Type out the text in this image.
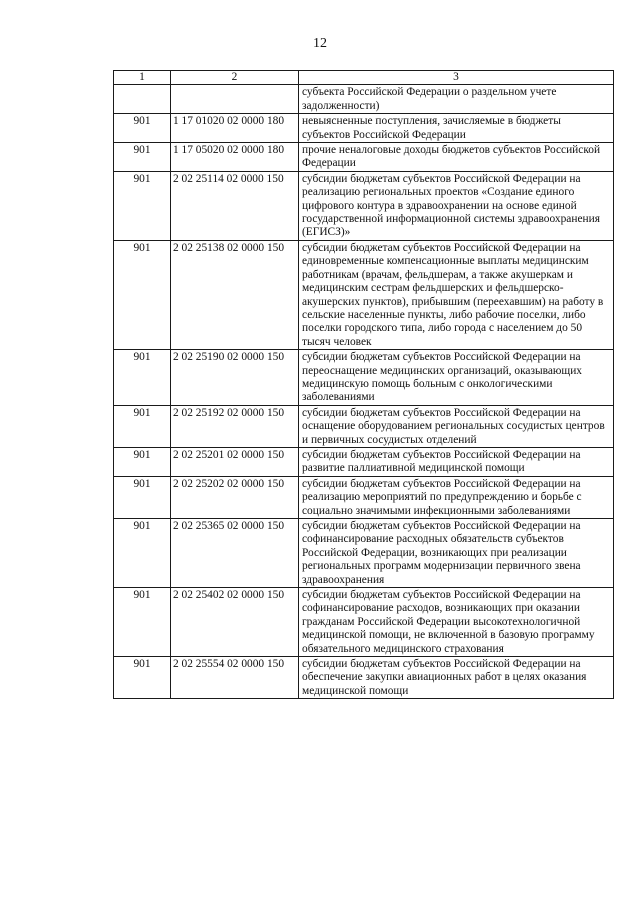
12
1	2	3
		субъекта Российской Федерации о раздельном учете задолженности)
901	1 17 01020 02 0000 180	невыясненные поступления, зачисляемые в бюджеты субъектов Российской Федерации
901	1 17 05020 02 0000 180	прочие неналоговые доходы бюджетов субъектов Российской Федерации
901	2 02 25114 02 0000 150	субсидии бюджетам субъектов Российской Федерации на реализацию региональных проектов «Создание единого цифрового контура в здравоохранении на основе единой государственной информационной системы здравоохранения (ЕГИСЗ)»
901	2 02 25138 02 0000 150	субсидии бюджетам субъектов Российской Федерации на единовременные компенсационные выплаты медицинским работникам (врачам, фельдшерам, а также акушеркам и медицинским сестрам фельдшерских и фельдшерско-акушерских пунктов), прибывшим (переехавшим) на работу в сельские населенные пункты, либо рабочие поселки, либо поселки городского типа, либо города с населением до 50 тысяч человек
901	2 02 25190 02 0000 150	субсидии бюджетам субъектов Российской Федерации на переоснащение медицинских организаций, оказывающих медицинскую помощь больным с онкологическими заболеваниями
901	2 02 25192 02 0000 150	субсидии бюджетам субъектов Российской Федерации на оснащение оборудованием региональных сосудистых центров и первичных сосудистых отделений
901	2 02 25201 02 0000 150	субсидии бюджетам субъектов Российской Федерации на развитие паллиативной медицинской помощи
901	2 02 25202 02 0000 150	субсидии бюджетам субъектов Российской Федерации на реализацию мероприятий по предупреждению и борьбе с социально значимыми инфекционными заболеваниями
901	2 02 25365 02 0000 150	субсидии бюджетам субъектов Российской Федерации на софинансирование расходных обязательств субъектов Российской Федерации, возникающих при реализации региональных программ модернизации первичного звена здравоохранения
901	2 02 25402 02 0000 150	субсидии бюджетам субъектов Российской Федерации на софинансирование расходов, возникающих при оказании гражданам Российской Федерации высокотехнологичной медицинской помощи, не включенной в базовую программу обязательного медицинского страхования
901	2 02 25554 02 0000 150	субсидии бюджетам субъектов Российской Федерации на обеспечение закупки авиационных работ в целях оказания медицинской помощи
